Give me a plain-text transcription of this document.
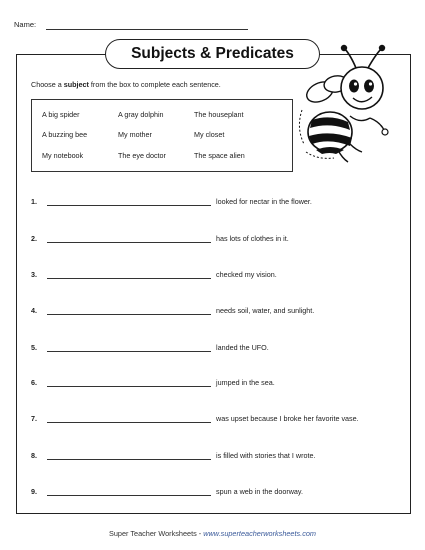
Name:
Subjects & Predicates
Choose a subject from the box to complete each sentence.
A big spider	A gray dolphin	The houseplant
A buzzing bee	My mother	My closet
My notebook	The eye doctor	The space alien
1.	looked for nectar in the flower.
2.	has lots of clothes in it.
3.	checked my vision.
4.	needs soil, water, and sunlight.
5.	landed the UFO.
6.	jumped in the sea.
7.	was upset because I broke her favorite vase.
8.	is filled with stories that I wrote.
9.	spun a web in the doorway.
Super Teacher Worksheets - www.superteacherworksheets.com
